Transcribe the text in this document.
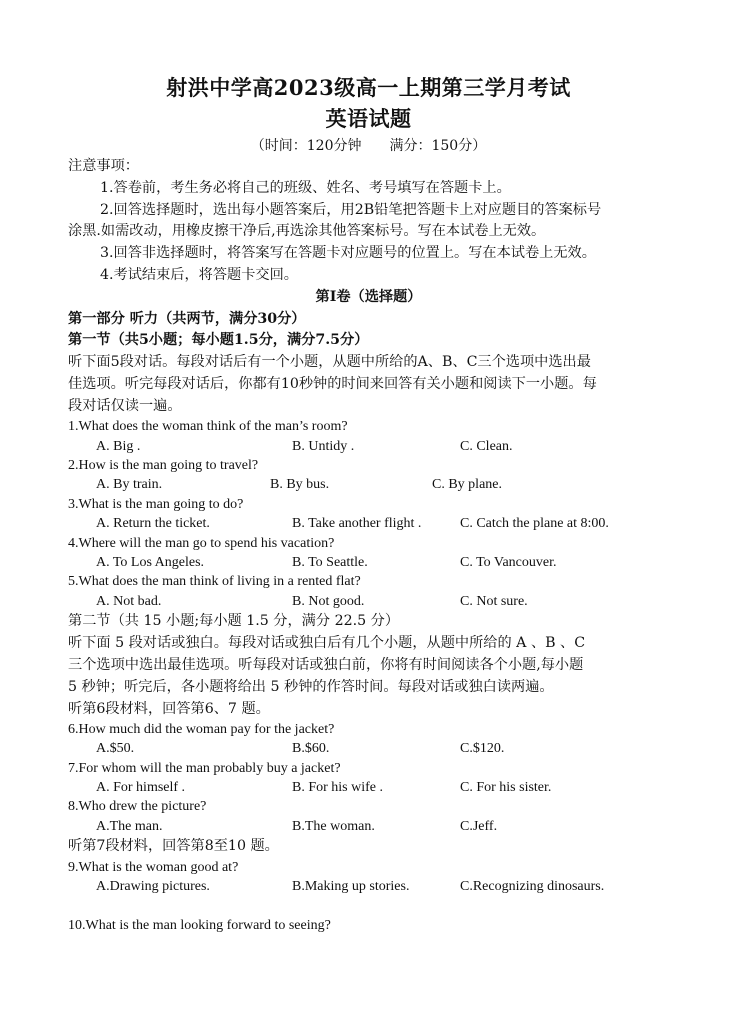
射洪中学高2023级高一上期第三学月考试
英语试题
（时间：120分钟　　满分：150分）
注意事项：
1.答卷前，考生务必将自己的班级、姓名、考号填写在答题卡上。
2.回答选择题时，选出每小题答案后，用2B铅笔把答题卡上对应题目的答案标号
涂黑.如需改动，用橡皮擦干净后,再选涂其他答案标号。写在本试卷上无效。
3.回答非选择题时，将答案写在答题卡对应题号的位置上。写在本试卷上无效。
4.考试结束后，将答题卡交回。
第I卷（选择题）
第一部分 听力（共两节，满分30分）
第一节（共5小题；每小题1.5分，满分7.5分）
听下面5段对话。每段对话后有一个小题，从题中所给的A、B、C三个选项中选出最
佳选项。听完每段对话后，你都有10秒钟的时间来回答有关小题和阅读下一小题。每
段对话仅读一遍。
1.What does the woman think of the man’s room?
A. Big .	B. Untidy .	C. Clean.
2.How is the man going to travel?
A. By train.	B. By bus.	C. By plane.
3.What is the man going to do?
A. Return the ticket.	B. Take another flight .	C. Catch the plane at 8:00.
4.Where will the man go to spend his vacation?
A. To Los Angeles.	B. To Seattle.	C. To Vancouver.
5.What does the man think of living in a rented flat?
A. Not bad.	B. Not good.	C. Not sure.
第二节（共 15 小题;每小题 1.5 分，满分 22.5 分）
听下面 5 段对话或独白。每段对话或独白后有几个小题，从题中所给的 A 、B 、C
三个选项中选出最佳选项。听每段对话或独白前，你将有时间阅读各个小题,每小题
5 秒钟；听完后，各小题将给出 5 秒钟的作答时间。每段对话或独白读两遍。
听第6段材料，回答第6、7 题。
6.How much did the woman pay for the jacket?
A.$50.	B.$60.	C.$120.
7.For whom will the man probably buy a jacket?
A. For himself .	B. For his wife .	C. For his sister.
8.Who drew the picture?
A.The man.	B.The woman.	C.Jeff.
听第7段材料，回答第8至10 题。
9.What is the woman good at?
A.Drawing pictures.	B.Making up stories.	C.Recognizing dinosaurs.
10.What is the man looking forward to seeing?
